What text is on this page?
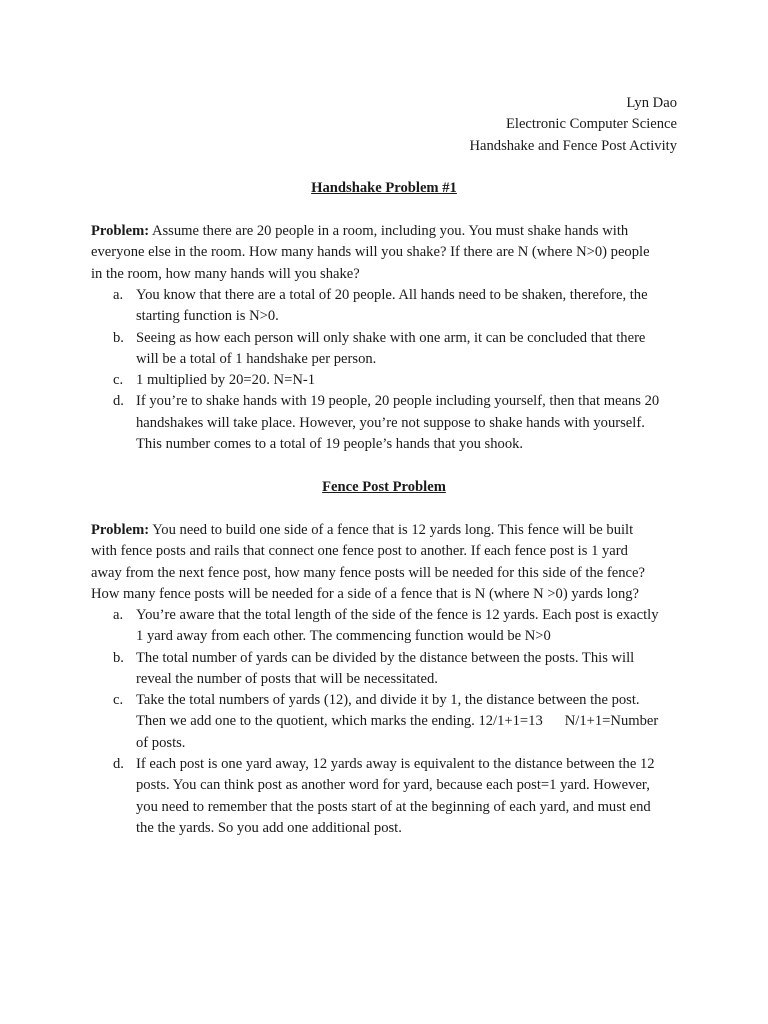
Lyn Dao
Electronic Computer Science
Handshake and Fence Post Activity
Handshake Problem #1
Problem: Assume there are 20 people in a room, including you. You must shake hands with
everyone else in the room. How many hands will you shake? If there are N (where N>0) people
in the room, how many hands will you shake?
a. You know that there are a total of 20 people. All hands need to be shaken, therefore, the
starting function is N>0.
b. Seeing as how each person will only shake with one arm, it can be concluded that there
will be a total of 1 handshake per person.
c. 1 multiplied by 20=20. N=N-1
d. If you’re to shake hands with 19 people, 20 people including yourself, then that means 20
handshakes will take place. However, you’re not suppose to shake hands with yourself.
This number comes to a total of 19 people’s hands that you shook.
Fence Post Problem
Problem: You need to build one side of a fence that is 12 yards long. This fence will be built
with fence posts and rails that connect one fence post to another. If each fence post is 1 yard
away from the next fence post, how many fence posts will be needed for this side of the fence?
How many fence posts will be needed for a side of a fence that is N (where N >0) yards long?
a. You’re aware that the total length of the side of the fence is 12 yards. Each post is exactly
1 yard away from each other. The commencing function would be N>0
b. The total number of yards can be divided by the distance between the posts. This will
reveal the number of posts that will be necessitated.
c. Take the total numbers of yards (12), and divide it by 1, the distance between the post.
Then we add one to the quotient, which marks the ending. 12/1+1=13 N/1+1=Number
of posts.
d. If each post is one yard away, 12 yards away is equivalent to the distance between the 12
posts. You can think post as another word for yard, because each post=1 yard. However,
you need to remember that the posts start of at the beginning of each yard, and must end
the the yards. So you add one additional post.
